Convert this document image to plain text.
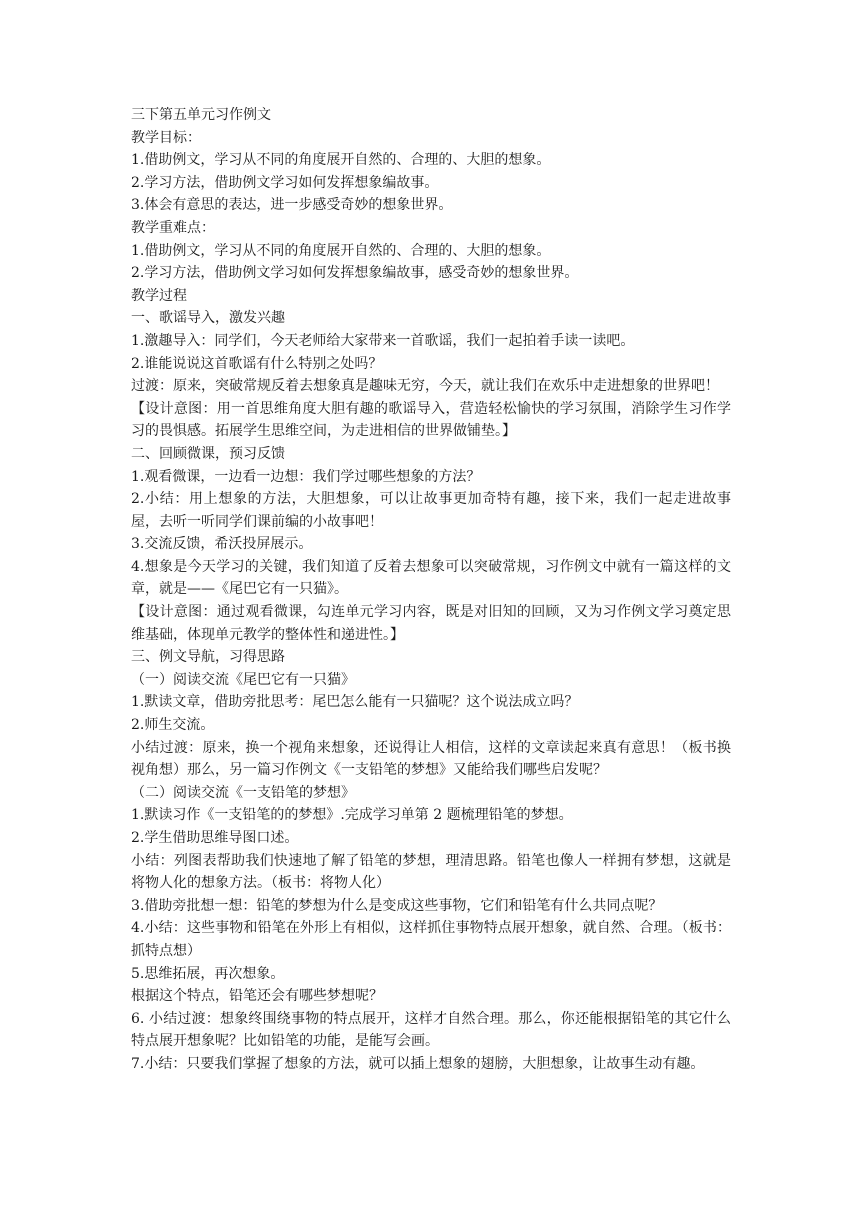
三下第五单元习作例文

教学目标：

1.借助例文，学习从不同的角度展开自然的、合理的、大胆的想象。

2.学习方法，借助例文学习如何发挥想象编故事。

3.体会有意思的表达，进一步感受奇妙的想象世界。

教学重难点：

1.借助例文，学习从不同的角度展开自然的、合理的、大胆的想象。

2.学习方法，借助例文学习如何发挥想象编故事，感受奇妙的想象世界。

教学过程

一、歌谣导入，激发兴趣

1.激趣导入：同学们，今天老师给大家带来一首歌谣，我们一起拍着手读一读吧。

2.谁能说说这首歌谣有什么特别之处吗？

过渡：原来，突破常规反着去想象真是趣味无穷，今天，就让我们在欢乐中走进想象的世界吧！

【设计意图：用一首思维角度大胆有趣的歌谣导入，营造轻松愉快的学习氛围，消除学生习作学习的畏惧感。拓展学生思维空间，为走进相信的世界做铺垫。】

二、回顾微课，预习反馈

1.观看微课，一边看一边想：我们学过哪些想象的方法？

2.小结：用上想象的方法，大胆想象，可以让故事更加奇特有趣，接下来，我们一起走进故事屋，去听一听同学们课前编的小故事吧！

3.交流反馈，希沃投屏展示。

4.想象是今天学习的关键，我们知道了反着去想象可以突破常规，习作例文中就有一篇这样的文章，就是——《尾巴它有一只猫》。

【设计意图：通过观看微课，勾连单元学习内容，既是对旧知的回顾，又为习作例文学习奠定思维基础，体现单元教学的整体性和递进性。】

三、例文导航，习得思路

（一）阅读交流《尾巴它有一只猫》

1.默读文章，借助旁批思考：尾巴怎么能有一只猫呢？这个说法成立吗？

2.师生交流。

小结过渡：原来，换一个视角来想象，还说得让人相信，这样的文章读起来真有意思！（板书换视角想）那么，另一篇习作例文《一支铅笔的梦想》又能给我们哪些启发呢？

（二）阅读交流《一支铅笔的梦想》

1.默读习作《一支铅笔的的梦想》.完成学习单第 2 题梳理铅笔的梦想。

2.学生借助思维导图口述。

小结：列图表帮助我们快速地了解了铅笔的梦想，理清思路。铅笔也像人一样拥有梦想，这就是将物人化的想象方法。（板书：将物人化）

3.借助旁批想一想：铅笔的梦想为什么是变成这些事物，它们和铅笔有什么共同点呢？

4.小结：这些事物和铅笔在外形上有相似，这样抓住事物特点展开想象，就自然、合理。（板书：抓特点想）

5.思维拓展，再次想象。

根据这个特点，铅笔还会有哪些梦想呢？

6. 小结过渡：想象终围绕事物的特点展开，这样才自然合理。那么，你还能根据铅笔的其它什么特点展开想象呢？比如铅笔的功能，是能写会画。

7.小结：只要我们掌握了想象的方法，就可以插上想象的翅膀，大胆想象，让故事生动有趣。
